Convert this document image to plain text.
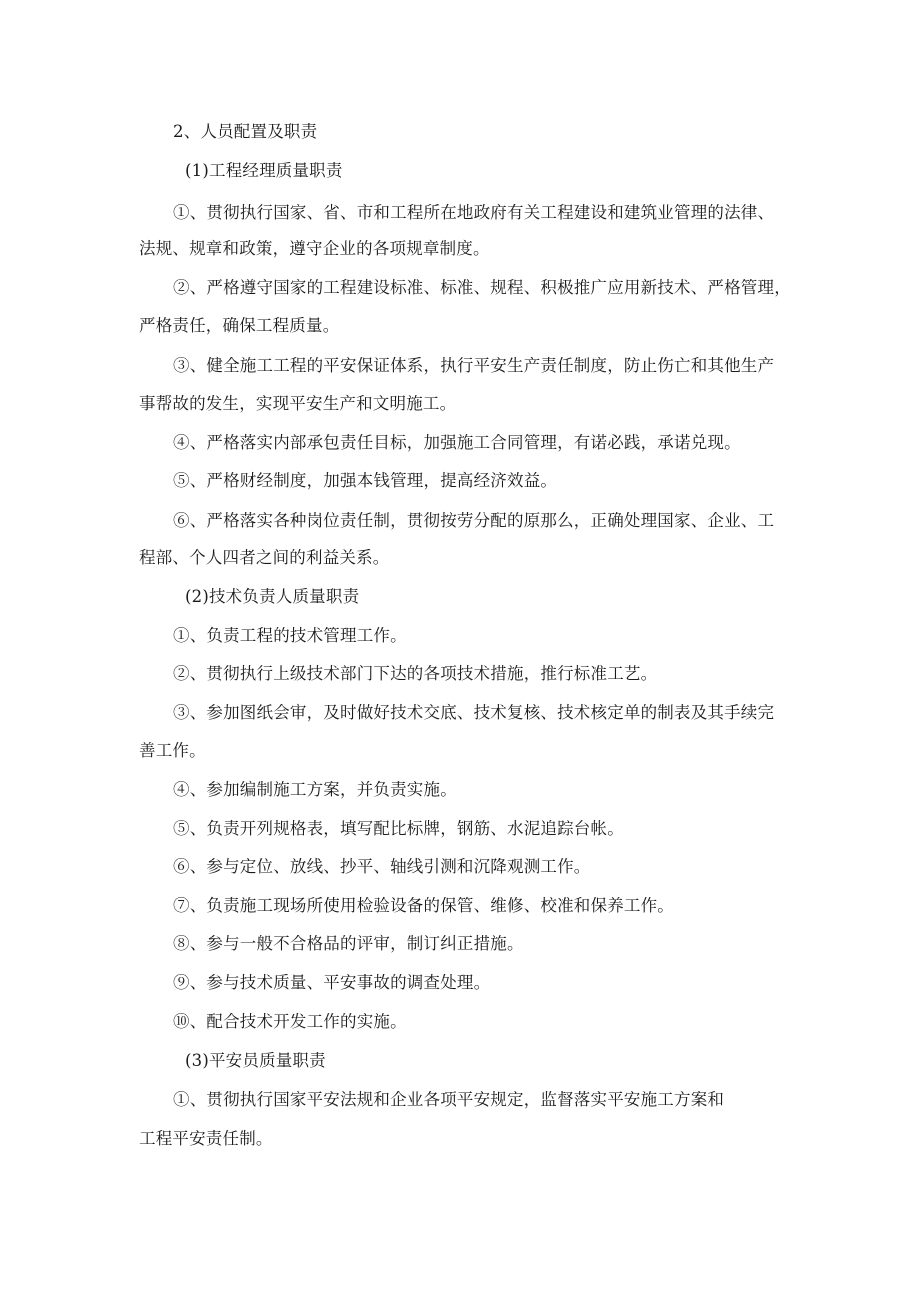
2、人员配置及职责
(1)工程经理质量职责
①、贯彻执行国家、省、市和工程所在地政府有关工程建设和建筑业管理的法律、
法规、规章和政策，遵守企业的各项规章制度。
②、严格遵守国家的工程建设标准、标准、规程、积极推广应用新技术、严格管理，
严格责任，确保工程质量。
③、健全施工工程的平安保证体系，执行平安生产责任制度，防止伤亡和其他生产
事帮故的发生，实现平安生产和文明施工。
④、严格落实内部承包责任目标，加强施工合同管理，有诺必践，承诺兑现。
⑤、严格财经制度，加强本钱管理，提高经济效益。
⑥、严格落实各种岗位责任制，贯彻按劳分配的原那么，正确处理国家、企业、工
程部、个人四者之间的利益关系。
(2)技术负责人质量职责
①、负责工程的技术管理工作。
②、贯彻执行上级技术部门下达的各项技术措施，推行标准工艺。
③、参加图纸会审，及时做好技术交底、技术复核、技术核定单的制表及其手续完
善工作。
④、参加编制施工方案，并负责实施。
⑤、负责开列规格表，填写配比标牌，钢筋、水泥追踪台帐。
⑥、参与定位、放线、抄平、轴线引测和沉降观测工作。
⑦、负责施工现场所使用检验设备的保管、维修、校准和保养工作。
⑧、参与一般不合格品的评审，制订纠正措施。
⑨、参与技术质量、平安事故的调查处理。
⑩、配合技术开发工作的实施。
(3)平安员质量职责
①、贯彻执行国家平安法规和企业各项平安规定，监督落实平安施工方案和
工程平安责任制。
